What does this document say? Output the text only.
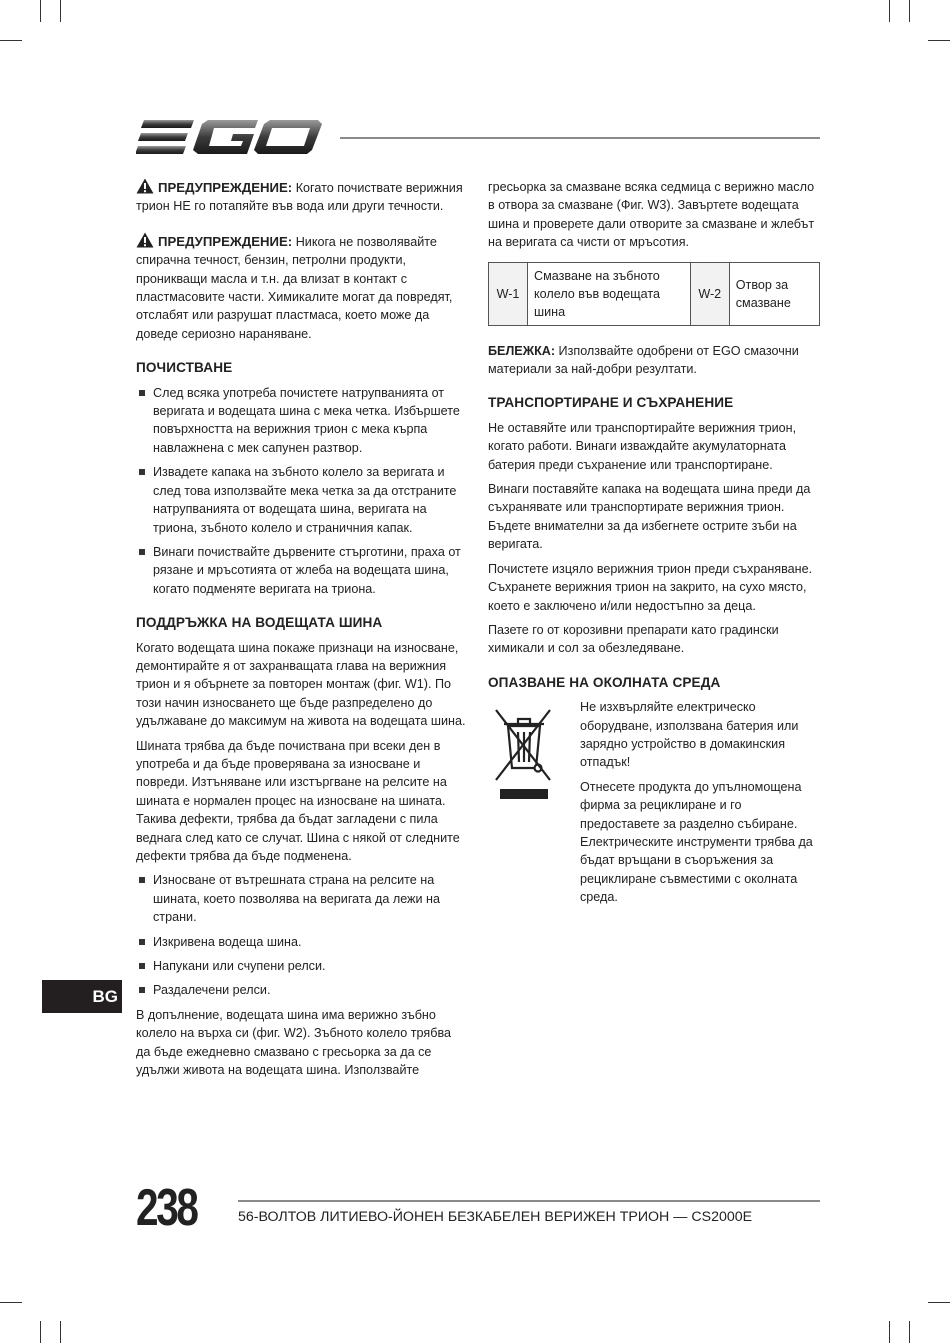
ПРЕДУПРЕЖДЕНИЕ: Когато почиствате верижния трион НЕ го потапяйте във вода или други течности.

ПРЕДУПРЕЖДЕНИЕ: Никога не позволявайте спирачна течност, бензин, петролни продукти, проникващи масла и т.н. да влизат в контакт с пластмасовите части. Химикалите могат да повредят, отслабят или разрушат пластмаса, което може да доведе сериозно нараняване.

ПОЧИСТВАНЕ
След всяка употреба почистете натрупванията от веригата и водещата шина с мека четка. Избършете повърхността на верижния трион с мека кърпа навлажнена с мек сапунен разтвор.
Извадете капака на зъбното колело за веригата и след това използвайте мека четка за да отстраните натрупванията от водещата шина, веригата на триона, зъбното колело и страничния капак.
Винаги почиствайте дървените стърготини, праха от рязане и мръсотията от жлеба на водещата шина, когато подменяте веригата на триона.
ПОДДРЪЖКА НА ВОДЕЩАТА ШИНА

Когато водещата шина покаже признаци на износване, демонтирайте я от захранващата глава на верижния трион и я обърнете за повторен монтаж (фиг. W1). По този начин износването ще бъде разпределено до удължаване до максимум на живота на водещата шина.

Шината трябва да бъде почиствана при всеки ден в употреба и да бъде проверявана за износване и повреди. Изтъняване или изстъргване на релсите на шината е нормален процес на износване на шината. Такива дефекти, трябва да бъдат загладени с пила веднага след като се случат. Шина с някой от следните дефекти трябва да бъде подменена.

Износване от вътрешната страна на релсите на шината, което позволява на веригата да лежи на страни.
Изкривена водеща шина.
Напукани или счупени релси.
Раздалечени релси.

В допълнение, водещата шина има верижно зъбно колело на върха си (фиг. W2). Зъбното колело трябва да бъде ежедневно смазвано с гресьорка за да се удължи живота на водещата шина. Използвайте

гресьорка за смазване всяка седмица с верижно масло в отвора за смазване (Фиг. W3). Завъртете водещата шина и проверете дали отворите за смазване и жлебът на веригата са чисти от мръсотия.

W-1	Смазване на зъбното колело във водещата шина	W-2	Отвор за смазване

БЕЛЕЖКА: Използвайте одобрени от EGO смазочни материали за най-добри резултати.

ТРАНСПОРТИРАНЕ И СЪХРАНЕНИЕ

Не оставяйте или транспортирайте верижния трион, когато работи. Винаги изваждайте акумулаторната батерия преди съхранение или транспортиране.

Винаги поставяйте капака на водещата шина преди да съхранявате или транспортирате верижния трион. Бъдете внимателни за да избегнете острите зъби на веригата.

Почистете изцяло верижния трион преди съхраняване. Съхранете верижния трион на закрито, на сухо място, което е заключено и/или недостъпно за деца.

Пазете го от корозивни препарати като градински химикали и сол за обезледяване.

ОПАЗВАНЕ НА ОКОЛНАТА СРЕДА

Не изхвърляйте електрическо оборудване, използвана батерия или зарядно устройство в домакинския отпадък!

Отнесете продукта до упълномощена фирма за рециклиране и го предоставете за разделно събиране. Електрическите инструменти трябва да бъдат връщани в съоръжения за рециклиране съвместими с околната среда.

BG
238	56-ВОЛТОВ ЛИТИЕВО-ЙОНЕН БЕЗКАБЕЛЕН ВЕРИЖЕН ТРИОН — CS2000E
